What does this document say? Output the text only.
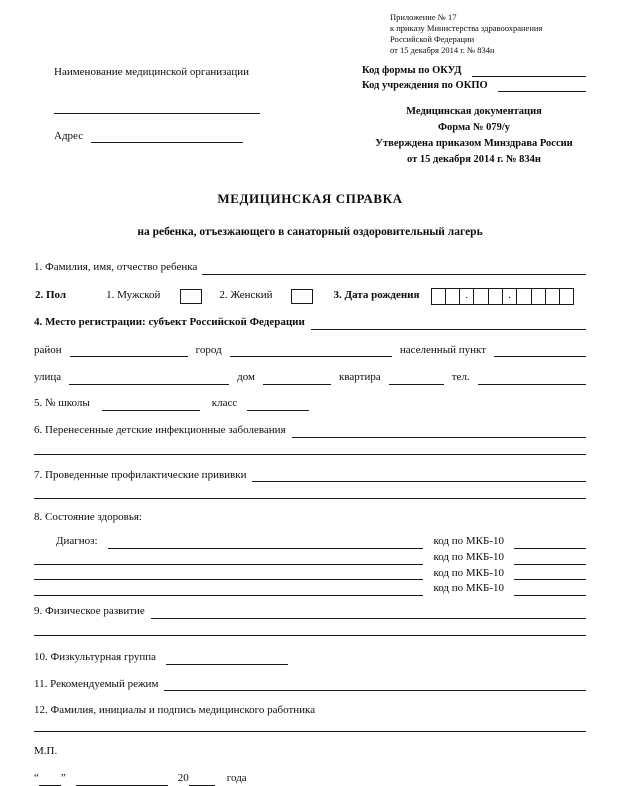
Приложение № 17
к приказу Министерства здравоохранения
Российской Федерации
от 15 декабря 2014 г. № 834н
Наименование медицинской организации
Адрес
Код формы по ОКУД
Код учреждения по ОКПО
Медицинская документация
Форма № 079/у
Утверждена приказом Минздрава России
от 15 декабря 2014 г. № 834н
МЕДИЦИНСКАЯ СПРАВКА
на ребенка, отъезжающего в санаторный оздоровительный лагерь
1. Фамилия, имя, отчество ребенка
2. Пол	1. Мужской	2. Женский	3. Дата рождения	.	.
4. Место регистрации: субъект Российской Федерации
район	город	населенный пункт
улица	дом	квартира	тел.
5. № школы	класс
6. Перенесенные детские инфекционные заболевания
7. Проведенные профилактические прививки
8. Состояние здоровья:
Диагноз:	код по МКБ-10
код по МКБ-10
код по МКБ-10
код по МКБ-10
9. Физическое развитие
10. Физкультурная группа
11. Рекомендуемый режим
12. Фамилия, инициалы и подпись медицинского работника
М.П.
“ ”	20	года
